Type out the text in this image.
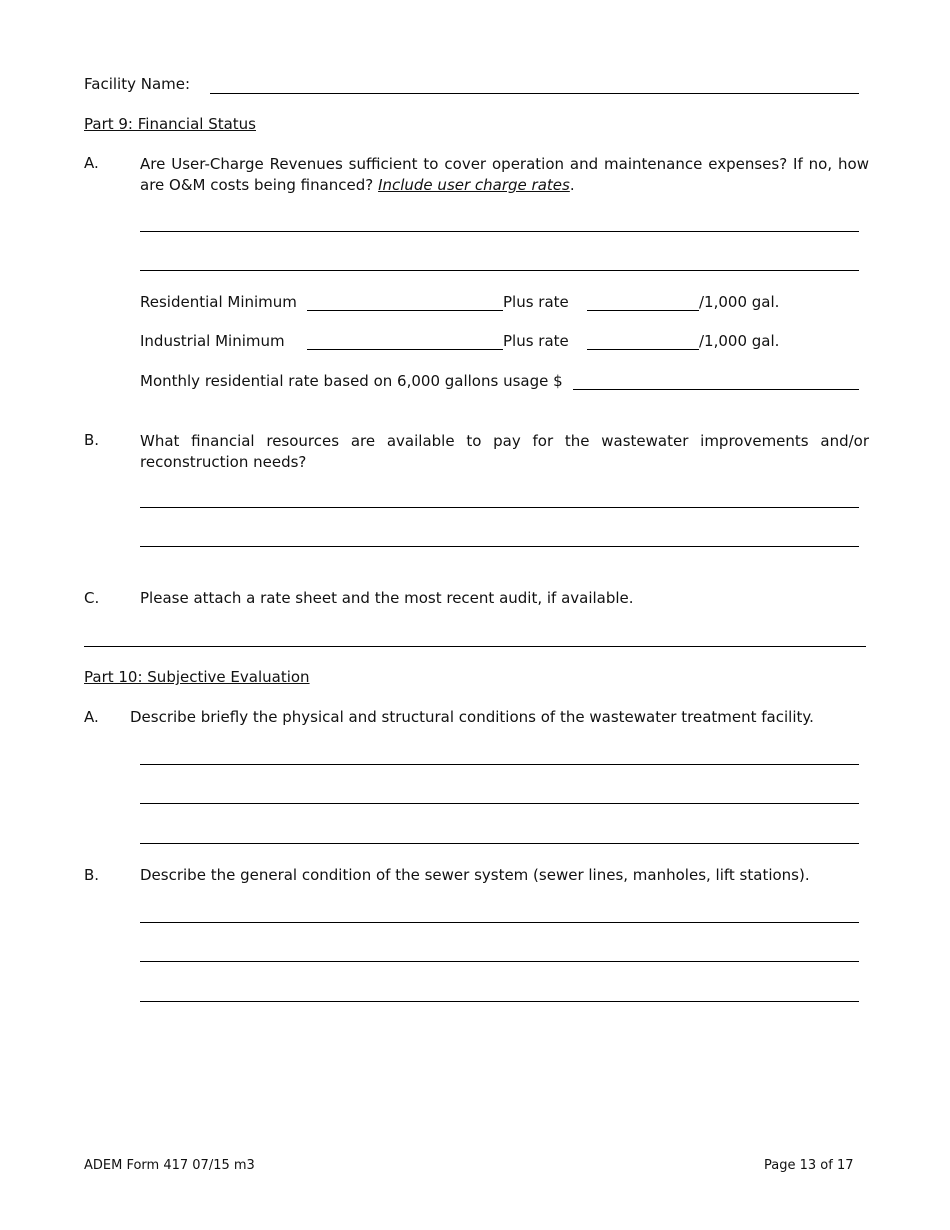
Facility Name:
Part 9: Financial Status
A.	Are User-Charge Revenues sufficient to cover operation and maintenance expenses? If no, how are O&M costs being financed? Include user charge rates.
Residential Minimum	Plus rate	/1,000 gal.
Industrial Minimum	Plus rate	/1,000 gal.
Monthly residential rate based on 6,000 gallons usage $
B.	What financial resources are available to pay for the wastewater improvements and/or reconstruction needs?
C.	Please attach a rate sheet and the most recent audit, if available.
Part 10: Subjective Evaluation
A. Describe briefly the physical and structural conditions of the wastewater treatment facility.
B.	Describe the general condition of the sewer system (sewer lines, manholes, lift stations).
ADEM Form 417 07/15 m3	Page 13 of 17
